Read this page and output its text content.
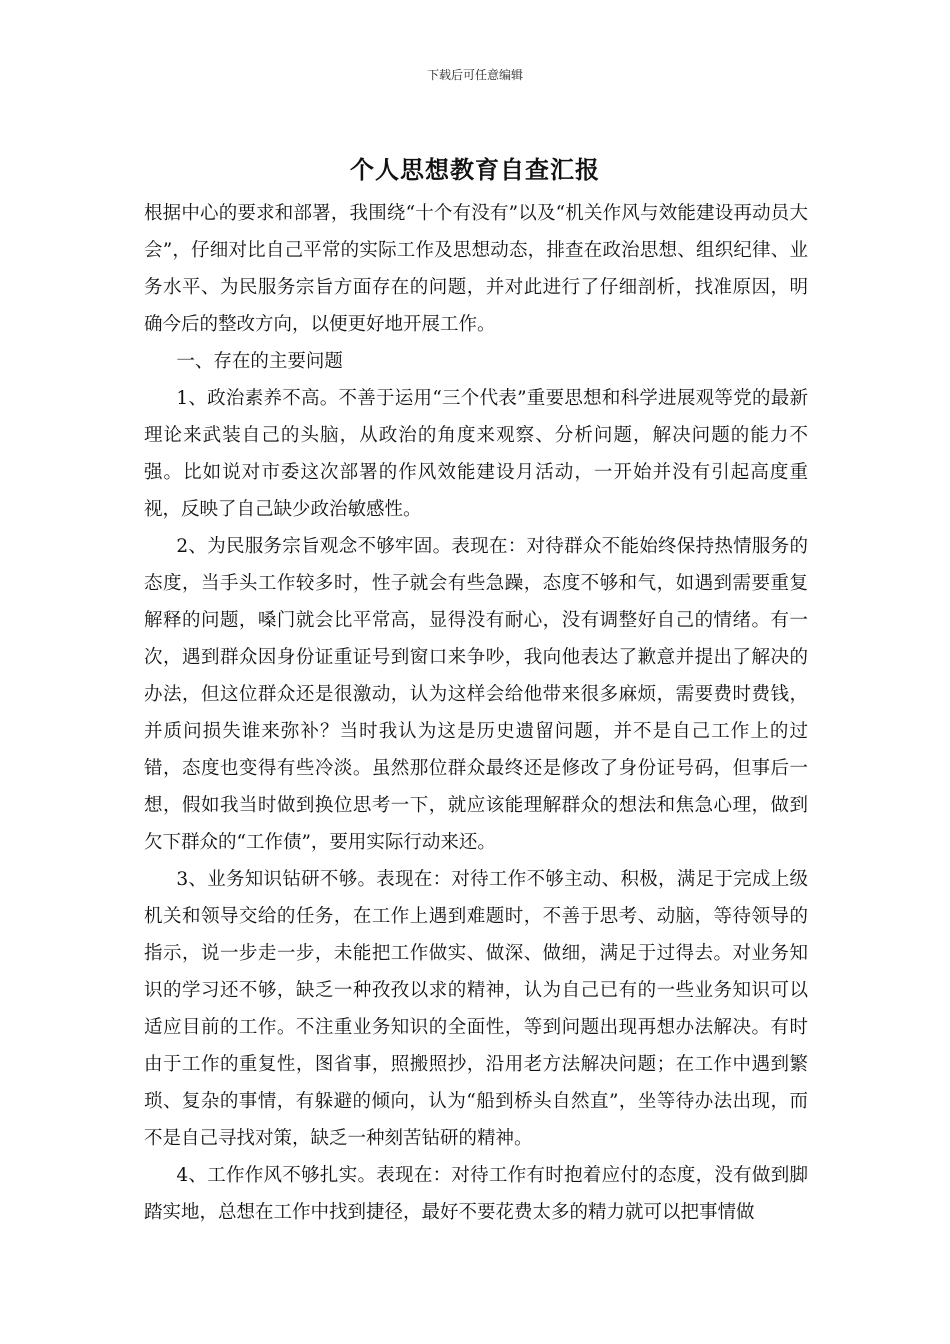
下载后可任意编辑
个人思想教育自查汇报

根据中心的要求和部署，我围绕“十个有没有”以及“机关作风与效能建设再动员大会”，仔细对比自己平常的实际工作及思想动态，排查在政治思想、组织纪律、业务水平、为民服务宗旨方面存在的问题，并对此进行了仔细剖析，找准原因，明确今后的整改方向，以便更好地开展工作。

一、存在的主要问题

1、政治素养不高。不善于运用“三个代表”重要思想和科学进展观等党的最新理论来武装自己的头脑，从政治的角度来观察、分析问题，解决问题的能力不强。比如说对市委这次部署的作风效能建设月活动，一开始并没有引起高度重视，反映了自己缺少政治敏感性。

2、为民服务宗旨观念不够牢固。表现在：对待群众不能始终保持热情服务的态度，当手头工作较多时，性子就会有些急躁，态度不够和气，如遇到需要重复解释的问题，嗓门就会比平常高，显得没有耐心，没有调整好自己的情绪。有一次，遇到群众因身份证重证号到窗口来争吵，我向他表达了歉意并提出了解决的办法，但这位群众还是很激动，认为这样会给他带来很多麻烦，需要费时费钱，并质问损失谁来弥补？当时我认为这是历史遗留问题，并不是自己工作上的过错，态度也变得有些冷淡。虽然那位群众最终还是修改了身份证号码，但事后一想，假如我当时做到换位思考一下，就应该能理解群众的想法和焦急心理，做到欠下群众的“工作债”，要用实际行动来还。

3、业务知识钻研不够。表现在：对待工作不够主动、积极，满足于完成上级机关和领导交给的任务，在工作上遇到难题时，不善于思考、动脑，等待领导的指示，说一步走一步，未能把工作做实、做深、做细，满足于过得去。对业务知识的学习还不够，缺乏一种孜孜以求的精神，认为自己已有的一些业务知识可以适应目前的工作。不注重业务知识的全面性，等到问题出现再想办法解决。有时由于工作的重复性，图省事，照搬照抄，沿用老方法解决问题；在工作中遇到繁琐、复杂的事情，有躲避的倾向，认为“船到桥头自然直”，坐等待办法出现，而不是自己寻找对策，缺乏一种刻苦钻研的精神。

4、工作作风不够扎实。表现在：对待工作有时抱着应付的态度，没有做到脚踏实地，总想在工作中找到捷径，最好不要花费太多的精力就可以把事情做
